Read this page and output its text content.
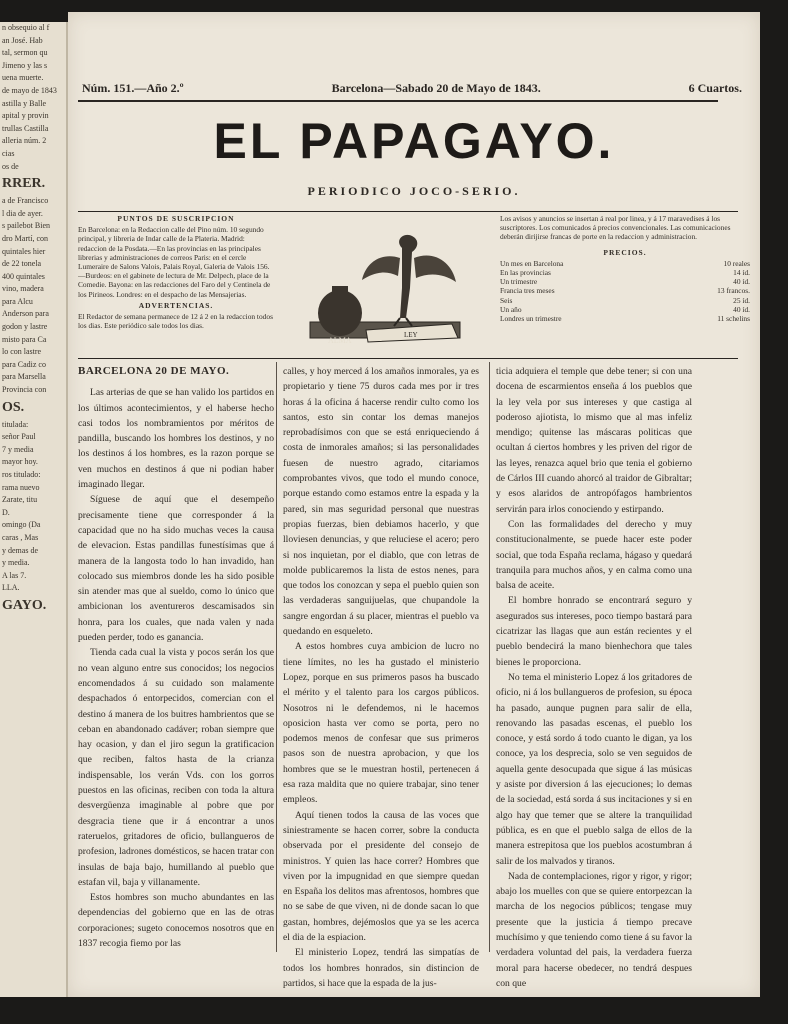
n obsequio al f
an José. Hab
tal, sermon qu
Jimeno y las s
uena muerte.
de mayo de 1843
astilla y Balle
apital y provin
trullas Castilla
alleria núm. 2
cias
os de
RRER.
a de Francisco
l dia de ayer.
s pailebot Bien
dro Martí, con
quintales hier
de 22 tonela
400 quintales
vino, madera
para Alcu
Anderson para
godon y lastre
misto para Ca
lo con lastre
para Cadiz co
para Marsella
Provincia con
OS.
titulada:
señor Paul
7 y media
mayor hoy.
ros titulado:
rama nuevo
Zarate, titu
D.
omingo (Da
caras , Mas
y demas de
y media.
A las 7.
LLA.
GAYO.
Núm. 151.—Año 2.º	Barcelona—Sabado 20 de Mayo de 1843.	6 Cuartos.
EL PAPAGAYO.
PERIODICO JOCO-SERIO.
PUNTOS DE SUSCRIPCION

En Barcelona: en la Redaccion calle del Pino núm. 10 segundo principal, y libreria de Indar calle de la Plateria. Madrid: redaccion de la Posdata.—En las provincias en las principales librerias y administraciones de correos Paris: en el cercle Lumeraire de Salons Valois, Palais Royal, Galeria de Valois 156.—Burdeos: en el gabinete de lectura de Mr. Delpech, place de la Comedie. Bayona: en las redacciones del Faro del y Centinela de los Pirineos. Londres: en el despacho de las Mensajerias.

ADVERTENCIAS.

El Redactor de semana permanece de 12 á 2 en la redaccion todos los dias. Este periódico sale todos los dias.

ALMA
LEY

Los avisos y anuncios se insertan á real por linea, y á 17 maravedises á los suscriptores. Los comunicados á precios convencionales. Las comunicaciones deberán dirijirse francas de porte en la redaccion y administracion.

PRECIOS.
Un mes en Barcelona	10 reales
En las provincias	14 íd.
Un trimestre	40 íd.
Francia tres meses	13 francos.
Seis	25 íd.
Un año	40 íd.
Londres un trimestre	11 schelins

BARCELONA 20 DE MAYO.

Las arterias de que se han valido los partidos en los últimos acontecimientos, y el haberse hecho casi todos los nombramientos por méritos de pandilla, buscando los hombres los destinos, y no los destinos á los hombres, es la razon porque se ven muchos en destinos á que ni podian haber imaginado llegar.

Síguese de aquí que el desempeño precisamente tiene que corresponder á la capacidad que no ha sido muchas veces la causa de elevacion. Estas pandillas funestísimas que á manera de la langosta todo lo han invadido, han colocado sus miembros donde les ha sido posible sin atender mas que al sueldo, como lo único que ambicionan los aventureros descamisados sin honra, para los cuales, que nada valen y nada pueden perder, todo es ganancia.

Tienda cada cual la vista y pocos serán los que no vean alguno entre sus conocidos; los negocios encomendados á su cuidado son malamente despachados ó entorpecidos, comercian con el destino á manera de los buitres hambrientos que se ceban en abandonado cadáver; roban siempre que hay ocasion, y dan el jiro segun la gratificacion que reciben, faltos hasta de la crianza indispensable, los verán Vds. con los gorros puestos en las oficinas, reciben con toda la altura desvergüenza imaginable al pobre que por desgracia tiene que ir á encontrar a unos rateruelos, gritadores de oficio, bullangueros de profesion, ladrones domésticos, se hacen tratar con insulas de baja bajo, humillando al pueblo que estafan vil, baja y villanamente.

Estos hombres son mucho abundantes en las dependencias del gobierno que en las de otras corporaciones; sugeto conocemos nosotros que en 1837 recogia fiemo por las

calles, y hoy merced á los amaños inmorales, ya es propietario y tiene 75 duros cada mes por ir tres horas á la oficina á hacerse rendir culto como los santos, esto sin contar los demas manejos reprobadísimos con que se está enriqueciendo á costa de inmorales amaños; si las personalidades fuesen de nuestro agrado, citariamos comprobantes vivos, que todo el mundo conoce, porque estando como estamos entre la espada y la pared, sin mas seguridad personal que nuestras propias fuerzas, bien debiamos hacerlo, y que lloviesen denuncias, y que reluciese el acero; pero si nos inquietan, por el diablo, que con letras de molde publicaremos la lista de estos nenes, para que todos los conozcan y sepa el pueblo quien son las verdaderas sanguijuelas, que chupandole la sangre engordan á su placer, mientras el pueblo va quedando en esqueleto.

A estos hombres cuya ambicion de lucro no tiene límites, no les ha gustado el ministerio Lopez, porque en sus primeros pasos ha buscado el mérito y el talento para los cargos públicos. Nosotros ni le defendemos, ni le hacemos oposicion hasta ver como se porta, pero no podemos menos de confesar que sus primeros pasos son de nuestra aprobacion, y que los hombres que se le muestran hostil, pertenecen á esa raza maldita que no quiere trabajar, sino tener empleos.

Aquí tienen todos la causa de las voces que siniestramente se hacen correr, sobre la conducta observada por el presidente del consejo de ministros. Y quien las hace correr? Hombres que viven por la impugnidad en que siempre quedan en España los delitos mas afrentosos, hombres que no se sabe de que viven, ni de donde sacan lo que gastan, hombres, dejémoslos que ya se les acerca el dia de la espiacion.

El ministerio Lopez, tendrá las simpatías de todos los hombres honrados, sin distincion de partidos, si hace que la espada de la jus-

ticia adquiera el temple que debe tener; si con una docena de escarmientos enseña á los pueblos que la ley vela por sus intereses y que castiga al poderoso ajiotista, lo mismo que al mas infeliz mendigo; quitense las máscaras politicas que ocultan á ciertos hombres y les priven del rigor de las leyes, renazca aquel brio que tenia el gobierno de Cárlos III cuando ahorcó al traidor de Gibraltar; y esos alaridos de antropófagos hambrientos servirán para irlos conociendo y estirpando.

Con las formalidades del derecho y muy constitucionalmente, se puede hacer este poder social, que toda España reclama, hágaso y quedará tranquila para muchos años, y en calma como una balsa de aceite.

El hombre honrado se encontrará seguro y asegurados sus intereses, poco tiempo bastará para cicatrizar las llagas que aun están recientes y el pueblo bendecirá la mano bienhechora que tales bienes le proporciona.

No tema el ministerio Lopez á los gritadores de oficio, ni á los bullangueros de profesion, su época ha pasado, aunque pugnen para salir de ella, renovando las pasadas escenas, el pueblo los conoce, y está sordo á todo cuanto le digan, ya los conoce, ya los desprecia, solo se ven seguidos de aquella gente desocupada que sigue á las músicas y asiste por diversion á las ejecuciones; lo demas de la sociedad, está sorda á sus incitaciones y si en algo hay que temer que se altere la tranquilidad pública, es en que el pueblo salga de ellos de la manera estrepitosa que los pueblos acostumbran á salir de los malvados y tiranos.

Nada de contemplaciones, rigor y rigor, y rigor; abajo los muelles con que se quiere entorpezcan la marcha de los negocios públicos; tengase muy presente que la justicia á tiempo precave muchísimo y que teniendo como tiene á su favor la verdadera voluntad del pais, la verdadera fuerza moral para hacerse obedecer, no tendrá despues con que
